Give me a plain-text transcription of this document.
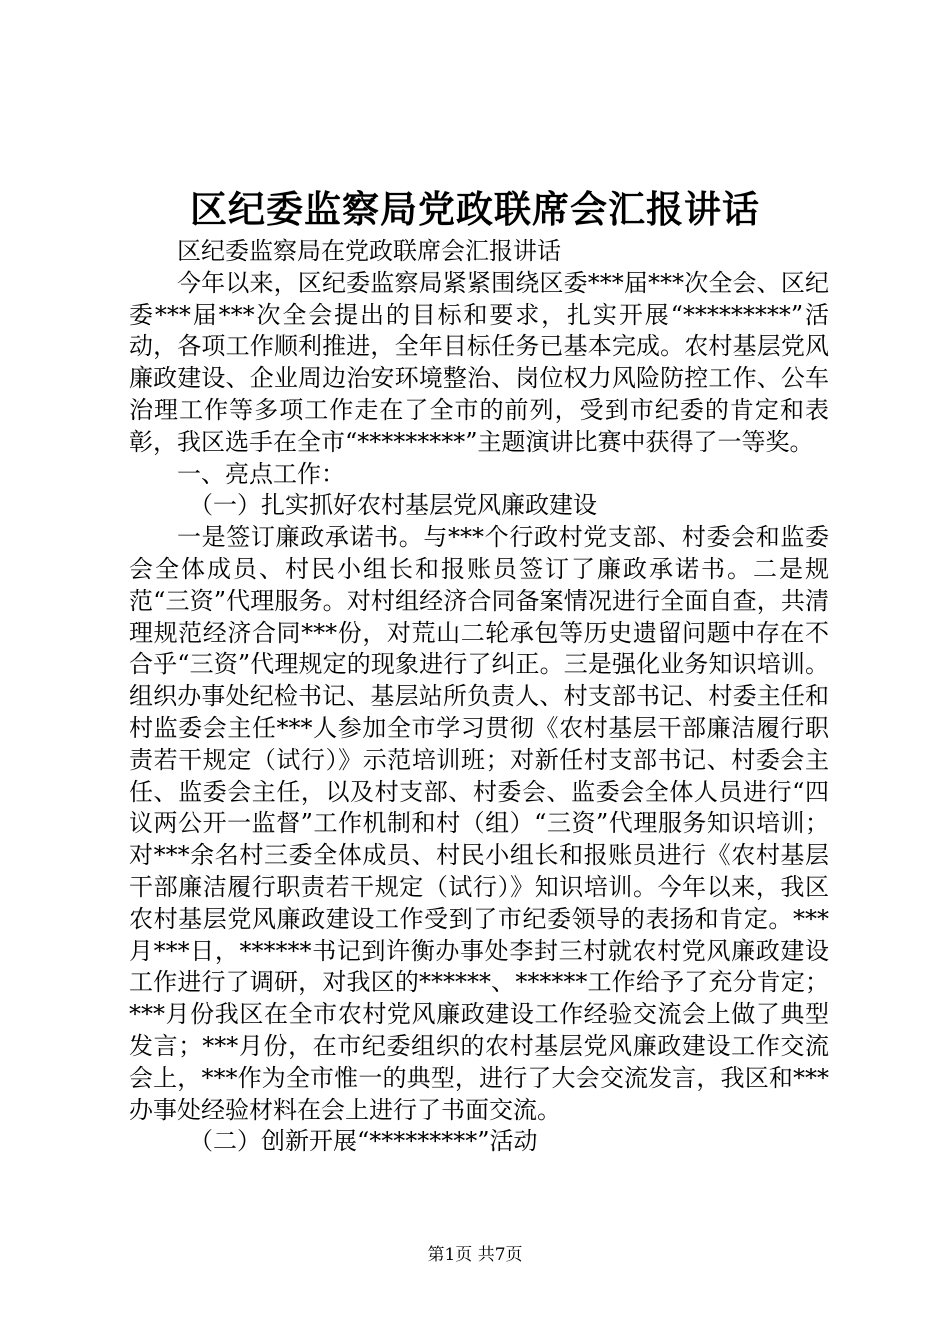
区纪委监察局党政联席会汇报讲话

区纪委监察局在党政联席会汇报讲话

今年以来，区纪委监察局紧紧围绕区委***届***次全会、区纪委***届***次全会提出的目标和要求，扎实开展“*********”活动，各项工作顺利推进，全年目标任务已基本完成。农村基层党风廉政建设、企业周边治安环境整治、岗位权力风险防控工作、公车治理工作等多项工作走在了全市的前列，受到市纪委的肯定和表彰，我区选手在全市“*********”主题演讲比赛中获得了一等奖。

一、亮点工作：

（一）扎实抓好农村基层党风廉政建设

一是签订廉政承诺书。与***个行政村党支部、村委会和监委会全体成员、村民小组长和报账员签订了廉政承诺书。二是规范“三资”代理服务。对村组经济合同备案情况进行全面自查，共清理规范经济合同***份，对荒山二轮承包等历史遗留问题中存在不合乎“三资”代理规定的现象进行了纠正。三是强化业务知识培训。组织办事处纪检书记、基层站所负责人、村支部书记、村委主任和村监委会主任***人参加全市学习贯彻《农村基层干部廉洁履行职责若干规定（试行）》示范培训班；对新任村支部书记、村委会主任、监委会主任，以及村支部、村委会、监委会全体人员进行“四议两公开一监督”工作机制和村（组）“三资”代理服务知识培训；对***余名村三委全体成员、村民小组长和报账员进行《农村基层干部廉洁履行职责若干规定（试行）》知识培训。今年以来，我区农村基层党风廉政建设工作受到了市纪委领导的表扬和肯定。***月***日，******书记到许衡办事处李封三村就农村党风廉政建设工作进行了调研，对我区的******、******工作给予了充分肯定；***月份我区在全市农村党风廉政建设工作经验交流会上做了典型发言；***月份，在市纪委组织的农村基层党风廉政建设工作交流会上，***作为全市惟一的典型，进行了大会交流发言，我区和***办事处经验材料在会上进行了书面交流。

（二）创新开展“*********”活动

第1页 共7页
